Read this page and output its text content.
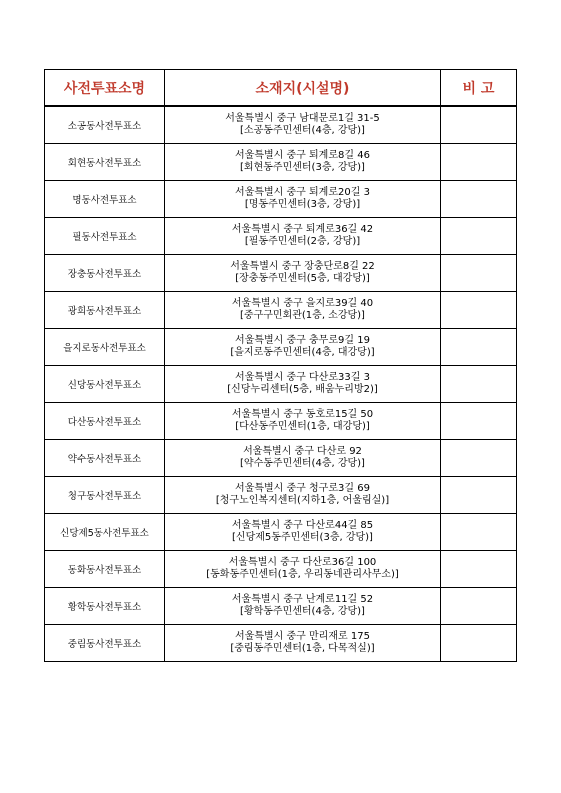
사전투표소명	소재지(시설명)	비 고
소공동사전투표소	서울특별시 중구 남대문로1길 31-5
[소공동주민센터(4층, 강당)]	

회현동사전투표소	서울특별시 중구 퇴계로8길 46
[회현동주민센터(3층, 강당)]	

명동사전투표소	서울특별시 중구 퇴계로20길 3
[명동주민센터(3층, 강당)]	

필동사전투표소	서울특별시 중구 퇴계로36길 42
[필동주민센터(2층, 강당)]	

장충동사전투표소	서울특별시 중구 장충단로8길 22
[장충동주민센터(5층, 대강당)]	

광희동사전투표소	서울특별시 중구 을지로39길 40
[중구구민회관(1층, 소강당)]	

을지로동사전투표소	서울특별시 중구 충무로9길 19
[을지로동주민센터(4층, 대강당)]	

신당동사전투표소	서울특별시 중구 다산로33길 3
[신당누리센터(5층, 배움누리방2)]	

다산동사전투표소	서울특별시 중구 동호로15길 50
[다산동주민센터(1층, 대강당)]	

약수동사전투표소	서울특별시 중구 다산로 92
[약수동주민센터(4층, 강당)]	

청구동사전투표소	서울특별시 중구 청구로3길 69
[청구노인복지센터(지하1층, 어울림실)]	

신당제5동사전투표소	서울특별시 중구 다산로44길 85
[신당제5동주민센터(3층, 강당)]	

동화동사전투표소	서울특별시 중구 다산로36길 100
[동화동주민센터(1층, 우리동네관리사무소)]	

황학동사전투표소	서울특별시 중구 난계로11길 52
[황학동주민센터(4층, 강당)]	

중림동사전투표소	서울특별시 중구 만리재로 175
[중림동주민센터(1층, 다목적실)]	
